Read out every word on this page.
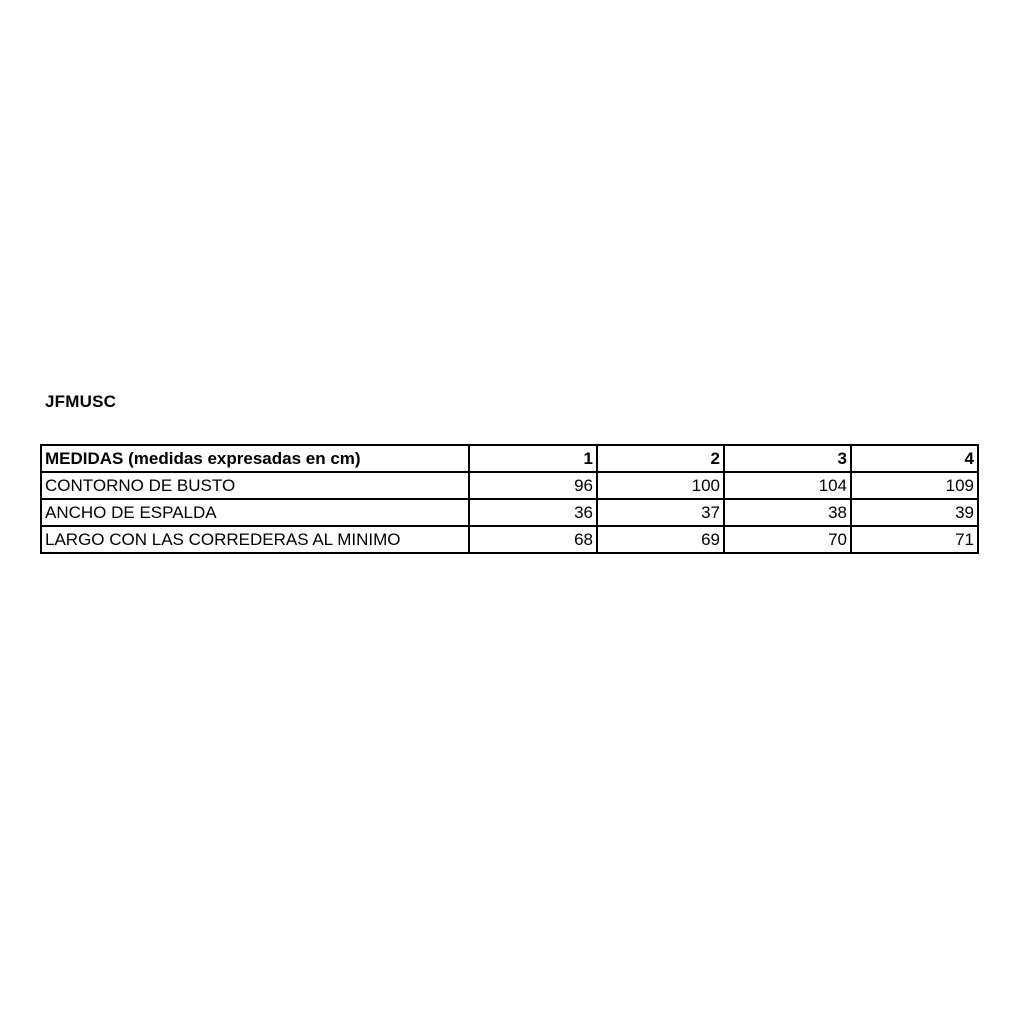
JFMUSC
MEDIDAS (medidas expresadas en cm)	1	2	3	4
CONTORNO DE BUSTO	96	100	104	109
ANCHO DE ESPALDA	36	37	38	39
LARGO CON LAS CORREDERAS AL MINIMO	68	69	70	71
